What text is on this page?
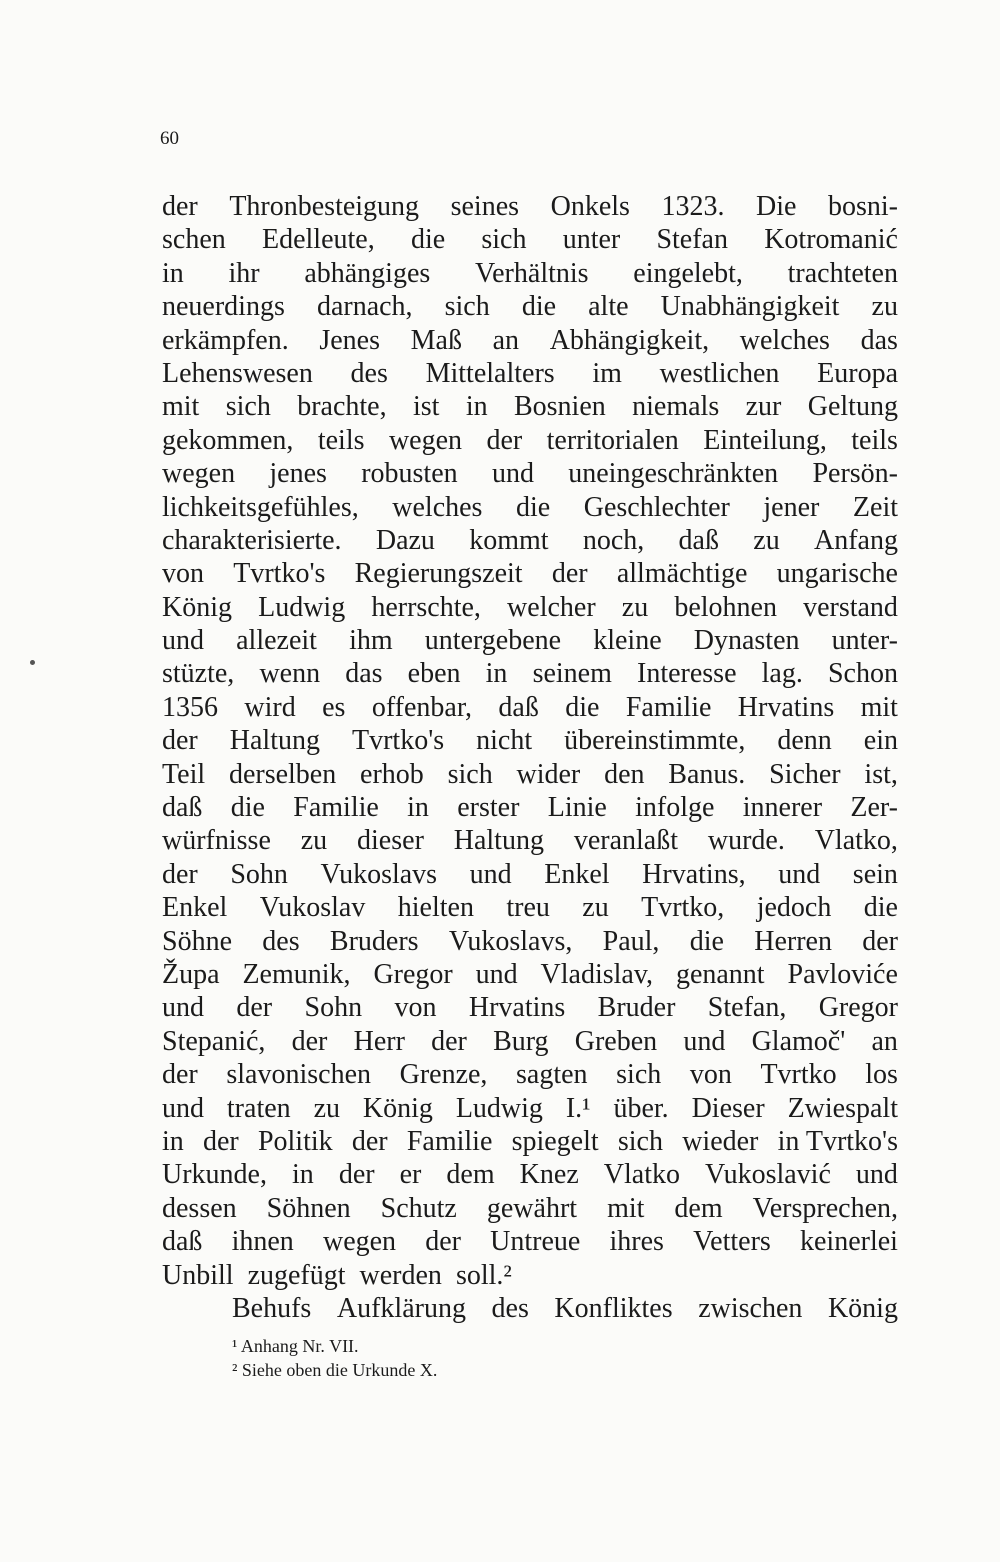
60
der Thronbesteigung seines Onkels 1323. Die bosni-
schen Edelleute, die sich unter Stefan Kotromanić
in ihr abhängiges Verhältnis eingelebt, trachteten
neuerdings darnach, sich die alte Unabhängigkeit zu
erkämpfen. Jenes Maß an Abhängigkeit, welches das
Lehenswesen des Mittelalters im westlichen Europa
mit sich brachte, ist in Bosnien niemals zur Geltung
gekommen, teils wegen der territorialen Einteilung, teils
wegen jenes robusten und uneingeschränkten Persön-
lichkeitsgefühles, welches die Geschlechter jener Zeit
charakterisierte. Dazu kommt noch, daß zu Anfang
von Tvrtko's Regierungszeit der allmächtige ungarische
König Ludwig herrschte, welcher zu belohnen verstand
und allezeit ihm untergebene kleine Dynasten unter-
stüzte, wenn das eben in seinem Interesse lag. Schon
1356 wird es offenbar, daß die Familie Hrvatins mit
der Haltung Tvrtko's nicht übereinstimmte, denn ein
Teil derselben erhob sich wider den Banus. Sicher ist,
daß die Familie in erster Linie infolge innerer Zer-
würfnisse zu dieser Haltung veranlaßt wurde. Vlatko,
der Sohn Vukoslavs und Enkel Hrvatins, und sein
Enkel Vukoslav hielten treu zu Tvrtko, jedoch die
Söhne des Bruders Vukoslavs, Paul, die Herren der
Župa Zemunik, Gregor und Vladislav, genannt Pavloviće
und der Sohn von Hrvatins Bruder Stefan, Gregor
Stepanić, der Herr der Burg Greben und Glamoč' an
der slavonischen Grenze, sagten sich von Tvrtko los
und traten zu König Ludwig I.¹ über. Dieser Zwiespalt
in der Politik der Familie spiegelt sich wieder in Tvrtko's
Urkunde, in der er dem Knez Vlatko Vukoslavić und
dessen Söhnen Schutz gewährt mit dem Versprechen,
daß ihnen wegen der Untreue ihres Vetters keinerlei
Unbill zugefügt werden soll.²
Behufs Aufklärung des Konfliktes zwischen König
¹ Anhang Nr. VII.
² Siehe oben die Urkunde X.
